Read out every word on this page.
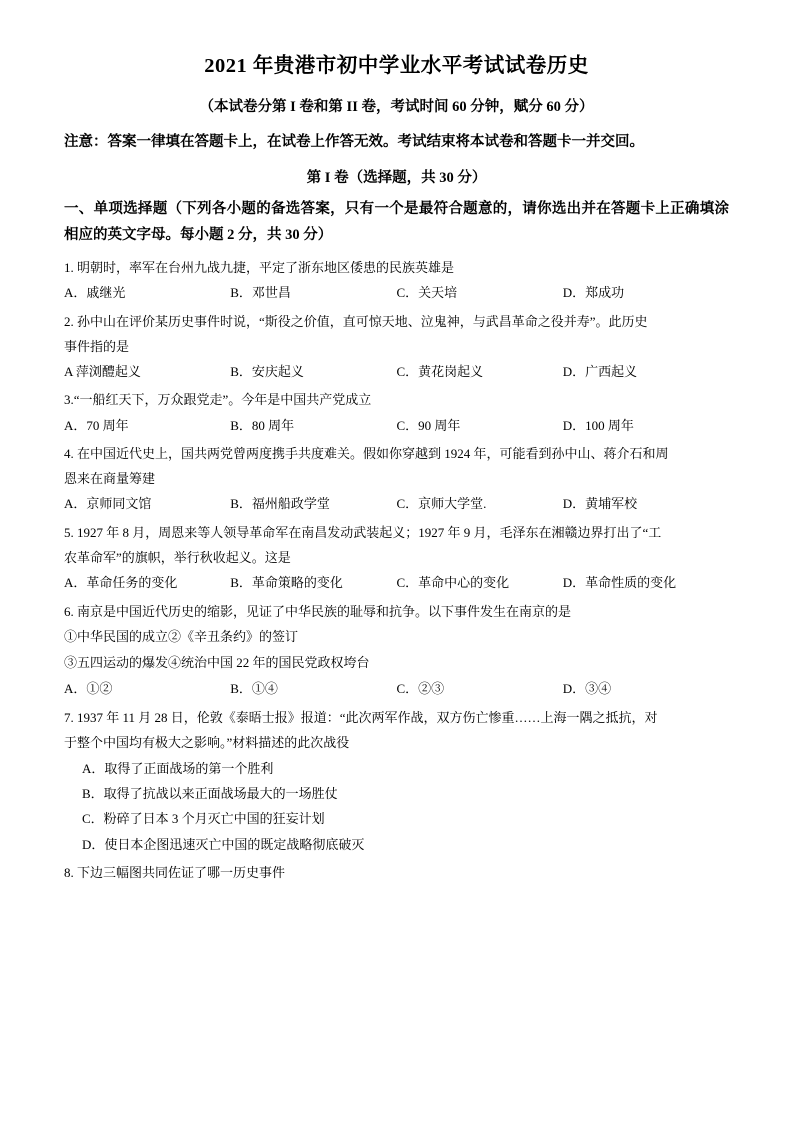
2021 年贵港市初中学业水平考试试卷历史
（本试卷分第 I 卷和第 II 卷，考试时间 60 分钟，赋分 60 分）
注意：答案一律填在答题卡上，在试卷上作答无效。考试结束将本试卷和答题卡一并交回。
第 I 卷（选择题，共 30 分）
一、单项选择题（下列各小题的备选答案，只有一个是最符合题意的，请你选出并在答题卡上正确填涂相应的英文字母。每小题 2 分，共 30 分）
1. 明朝时，率军在台州九战九捷，平定了浙东地区倭患的民族英雄是
A．戚继光	B．邓世昌	C．关天培	D．郑成功
2. 孙中山在评价某历史事件时说，“斯役之价值，直可惊天地、泣鬼神，与武昌革命之役并寿”。此历史
事件指的是
A 萍浏醴起义	B．安庆起义	C．黄花岗起义	D．广西起义
3.“一船红天下，万众跟党走”。今年是中国共产党成立
A．70 周年	B．80 周年	C．90 周年	D．100 周年
4. 在中国近代史上，国共两党曾两度携手共度难关。假如你穿越到 1924 年，可能看到孙中山、蒋介石和周
恩来在商量筹建
A．京师同文馆	B．福州船政学堂	C．京师大学堂.	D．黄埔军校
5. 1927 年 8 月，周恩来等人领导革命军在南昌发动武装起义；1927 年 9 月，毛泽东在湘赣边界打出了“工
农革命军”的旗帜，举行秋收起义。这是
A．革命任务的变化	B．革命策略的变化	C．革命中心的变化	D．革命性质的变化
6. 南京是中国近代历史的缩影，见证了中华民族的耻辱和抗争。以下事件发生在南京的是
①中华民国的成立②《辛丑条约》的签订
③五四运动的爆发④统治中国 22 年的国民党政权垮台
A．①②	B．①④	C．②③	D．③④
7. 1937 年 11 月 28 日，伦敦《泰晤士报》报道：“此次两军作战，双方伤亡惨重……上海一隅之抵抗，对
于整个中国均有极大之影响。”材料描述的此次战役
A．取得了正面战场的第一个胜利
B．取得了抗战以来正面战场最大的一场胜仗
C．粉碎了日本 3 个月灭亡中国的狂妄计划
D．使日本企图迅速灭亡中国的既定战略彻底破灭
8. 下边三幅图共同佐证了哪一历史事件
